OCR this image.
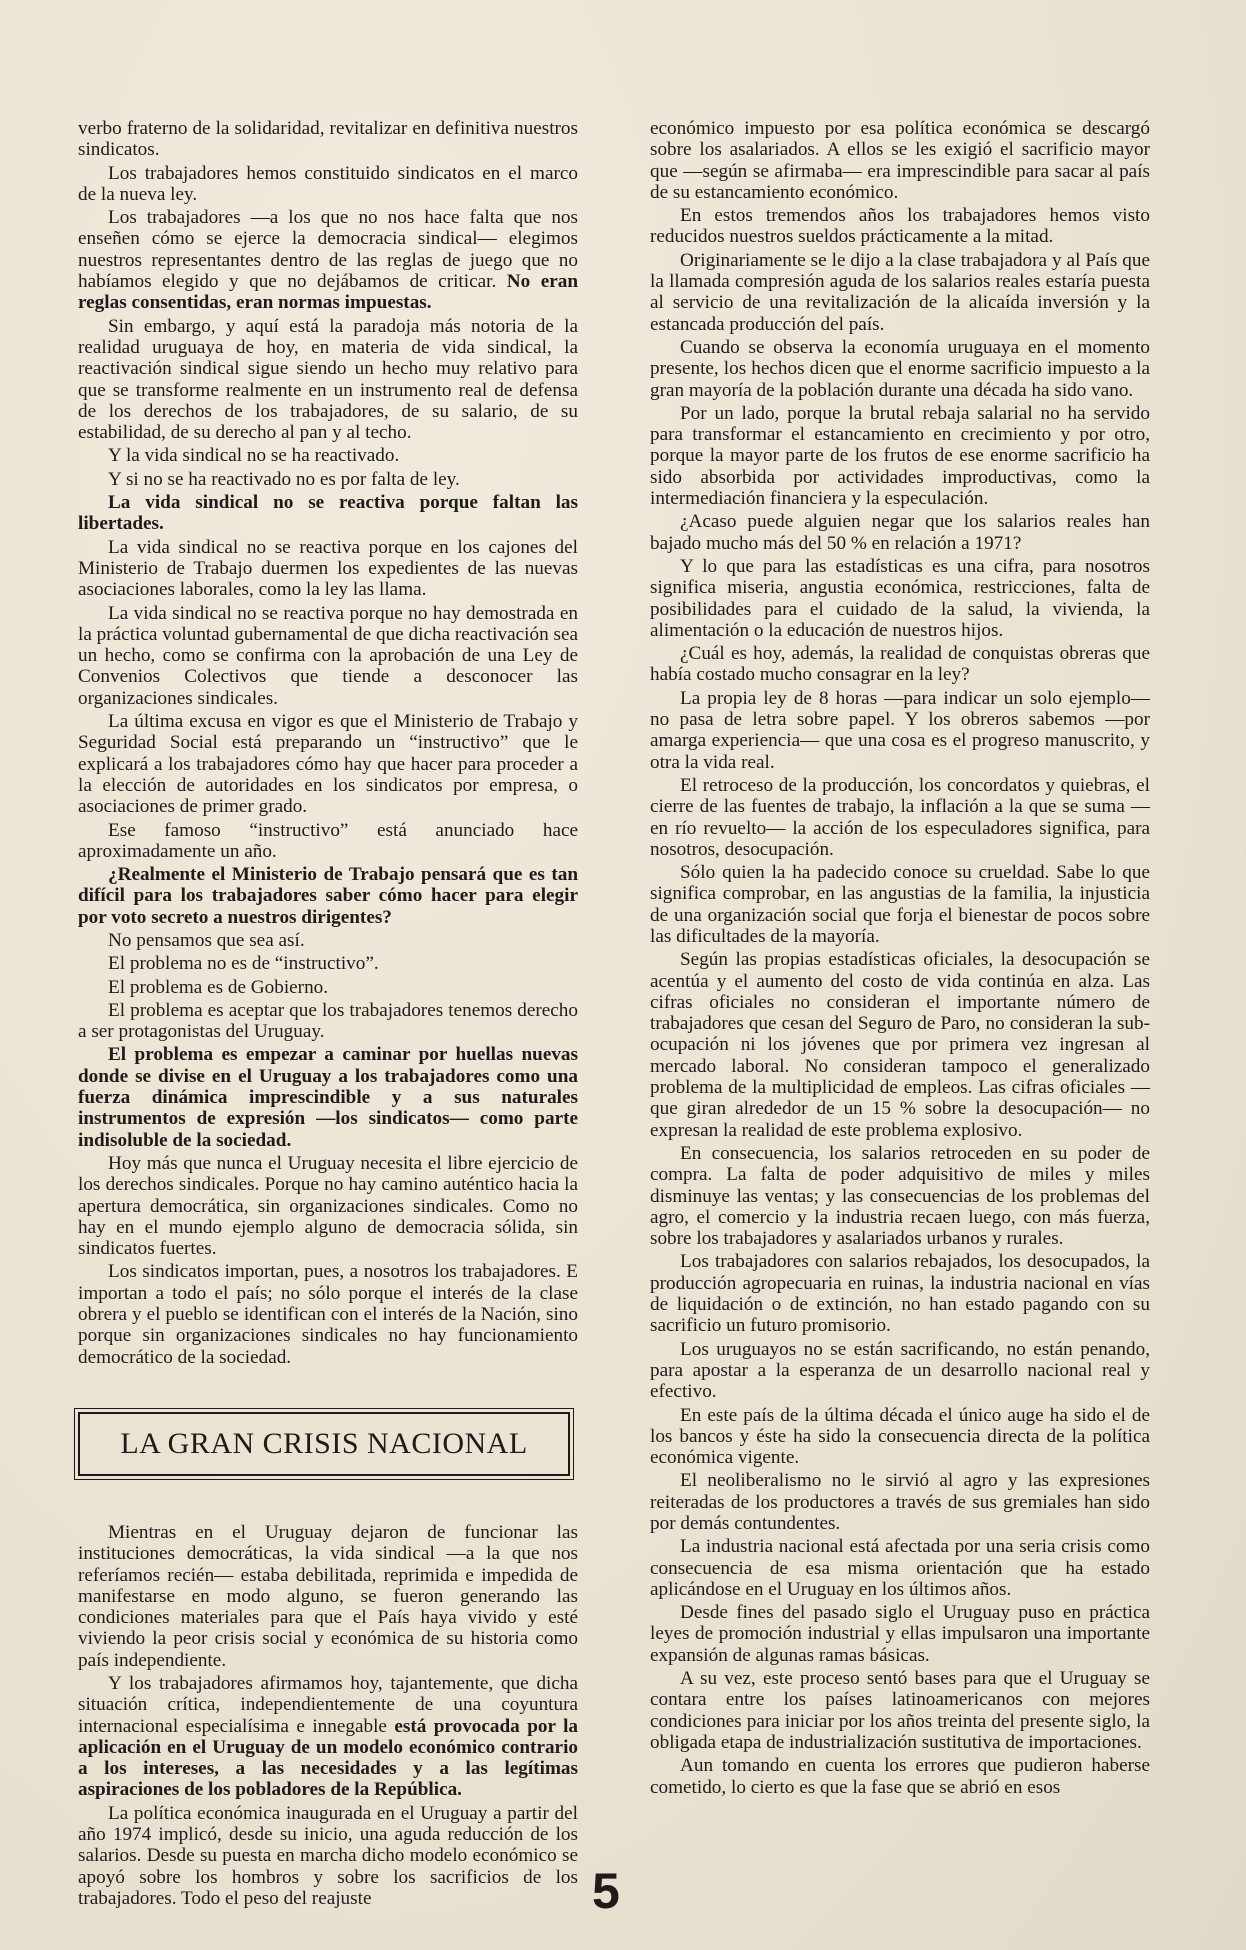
verbo fraterno de la solidaridad, revitalizar en definitiva nuestros sindicatos.

Los trabajadores hemos constituido sindicatos en el marco de la nueva ley.

Los trabajadores —a los que no nos hace falta que nos enseñen cómo se ejerce la democracia sindical— elegimos nuestros representantes dentro de las reglas de juego que no habíamos elegido y que no dejábamos de criticar. No eran reglas consentidas, eran normas impuestas.

Sin embargo, y aquí está la paradoja más notoria de la realidad uruguaya de hoy, en materia de vida sindical, la reactivación sindical sigue siendo un hecho muy relativo para que se transforme realmente en un instrumento real de defensa de los derechos de los trabajadores, de su salario, de su estabilidad, de su derecho al pan y al techo.

Y la vida sindical no se ha reactivado.

Y si no se ha reactivado no es por falta de ley.

La vida sindical no se reactiva porque faltan las libertades.

La vida sindical no se reactiva porque en los cajones del Ministerio de Trabajo duermen los expedientes de las nuevas asociaciones laborales, como la ley las llama.

La vida sindical no se reactiva porque no hay demostrada en la práctica voluntad gubernamental de que dicha reactivación sea un hecho, como se confirma con la aprobación de una Ley de Convenios Colectivos que tiende a desconocer las organizaciones sindicales.

La última excusa en vigor es que el Ministerio de Trabajo y Seguridad Social está preparando un “instructivo” que le explicará a los trabajadores cómo hay que hacer para proceder a la elección de autoridades en los sindicatos por empresa, o asociaciones de primer grado.

Ese famoso “instructivo” está anunciado hace aproximadamente un año.

¿Realmente el Ministerio de Trabajo pensará que es tan difícil para los trabajadores saber cómo hacer para elegir por voto secreto a nuestros dirigentes?

No pensamos que sea así.

El problema no es de “instructivo”.

El problema es de Gobierno.

El problema es aceptar que los trabajadores tenemos derecho a ser protagonistas del Uruguay.

El problema es empezar a caminar por huellas nuevas donde se divise en el Uruguay a los trabajadores como una fuerza dinámica imprescindible y a sus naturales instrumentos de expresión —los sindicatos— como parte indisoluble de la sociedad.

Hoy más que nunca el Uruguay necesita el libre ejercicio de los derechos sindicales. Porque no hay camino auténtico hacia la apertura democrática, sin organizaciones sindicales. Como no hay en el mundo ejemplo alguno de democracia sólida, sin sindicatos fuertes.

Los sindicatos importan, pues, a nosotros los trabajadores. E importan a todo el país; no sólo porque el interés de la clase obrera y el pueblo se identifican con el interés de la Nación, sino porque sin organizaciones sindicales no hay funcionamiento democrático de la sociedad.

LA GRAN CRISIS NACIONAL

Mientras en el Uruguay dejaron de funcionar las instituciones democráticas, la vida sindical —a la que nos referíamos recién— estaba debilitada, reprimida e impedida de manifestarse en modo alguno, se fueron generando las condiciones materiales para que el País haya vivido y esté viviendo la peor crisis social y económica de su historia como país independiente.

Y los trabajadores afirmamos hoy, tajantemente, que dicha situación crítica, independientemente de una coyuntura internacional especialísima e innegable está provocada por la aplicación en el Uruguay de un modelo económico contrario a los intereses, a las necesidades y a las legítimas aspiraciones de los pobladores de la República.

La política económica inaugurada en el Uruguay a partir del año 1974 implicó, desde su inicio, una aguda reducción de los salarios. Desde su puesta en marcha dicho modelo económico se apoyó sobre los hombros y sobre los sacrificios de los trabajadores. Todo el peso del reajuste

económico impuesto por esa política económica se descargó sobre los asalariados. A ellos se les exigió el sacrificio mayor que —según se afirmaba— era imprescindible para sacar al país de su estancamiento económico.

En estos tremendos años los trabajadores hemos visto reducidos nuestros sueldos prácticamente a la mitad.

Originariamente se le dijo a la clase trabajadora y al País que la llamada compresión aguda de los salarios reales estaría puesta al servicio de una revitalización de la alicaída inversión y la estancada producción del país.

Cuando se observa la economía uruguaya en el momento presente, los hechos dicen que el enorme sacrificio impuesto a la gran mayoría de la población durante una década ha sido vano.

Por un lado, porque la brutal rebaja salarial no ha servido para transformar el estancamiento en crecimiento y por otro, porque la mayor parte de los frutos de ese enorme sacrificio ha sido absorbida por actividades improductivas, como la intermediación financiera y la especulación.

¿Acaso puede alguien negar que los salarios reales han bajado mucho más del 50 % en relación a 1971?

Y lo que para las estadísticas es una cifra, para nosotros significa miseria, angustia económica, restricciones, falta de posibilidades para el cuidado de la salud, la vivienda, la alimentación o la educación de nuestros hijos.

¿Cuál es hoy, además, la realidad de conquistas obreras que había costado mucho consagrar en la ley?

La propia ley de 8 horas —para indicar un solo ejemplo— no pasa de letra sobre papel. Y los obreros sabemos —por amarga experiencia— que una cosa es el progreso manuscrito, y otra la vida real.

El retroceso de la producción, los concordatos y quiebras, el cierre de las fuentes de trabajo, la inflación a la que se suma —en río revuelto— la acción de los especuladores significa, para nosotros, desocupación.

Sólo quien la ha padecido conoce su crueldad. Sabe lo que significa comprobar, en las angustias de la familia, la injusticia de una organización social que forja el bienestar de pocos sobre las dificultades de la mayoría.

Según las propias estadísticas oficiales, la desocupación se acentúa y el aumento del costo de vida continúa en alza. Las cifras oficiales no consideran el importante número de trabajadores que cesan del Seguro de Paro, no consideran la sub-ocupación ni los jóvenes que por primera vez ingresan al mercado laboral. No consideran tampoco el generalizado problema de la multiplicidad de empleos. Las cifras oficiales —que giran alrededor de un 15 % sobre la desocupación— no expresan la realidad de este problema explosivo.

En consecuencia, los salarios retroceden en su poder de compra. La falta de poder adquisitivo de miles y miles disminuye las ventas; y las consecuencias de los problemas del agro, el comercio y la industria recaen luego, con más fuerza, sobre los trabajadores y asalariados urbanos y rurales.

Los trabajadores con salarios rebajados, los desocupados, la producción agropecuaria en ruinas, la industria nacional en vías de liquidación o de extinción, no han estado pagando con su sacrificio un futuro promisorio.

Los uruguayos no se están sacrificando, no están penando, para apostar a la esperanza de un desarrollo nacional real y efectivo.

En este país de la última década el único auge ha sido el de los bancos y éste ha sido la consecuencia directa de la política económica vigente.

El neoliberalismo no le sirvió al agro y las expresiones reiteradas de los productores a través de sus gremiales han sido por demás contundentes.

La industria nacional está afectada por una seria crisis como consecuencia de esa misma orientación que ha estado aplicándose en el Uruguay en los últimos años.

Desde fines del pasado siglo el Uruguay puso en práctica leyes de promoción industrial y ellas impulsaron una importante expansión de algunas ramas básicas.

A su vez, este proceso sentó bases para que el Uruguay se contara entre los países latinoamericanos con mejores condiciones para iniciar por los años treinta del presente siglo, la obligada etapa de industrialización sustitutiva de importaciones.

Aun tomando en cuenta los errores que pudieron haberse cometido, lo cierto es que la fase que se abrió en esos

5
